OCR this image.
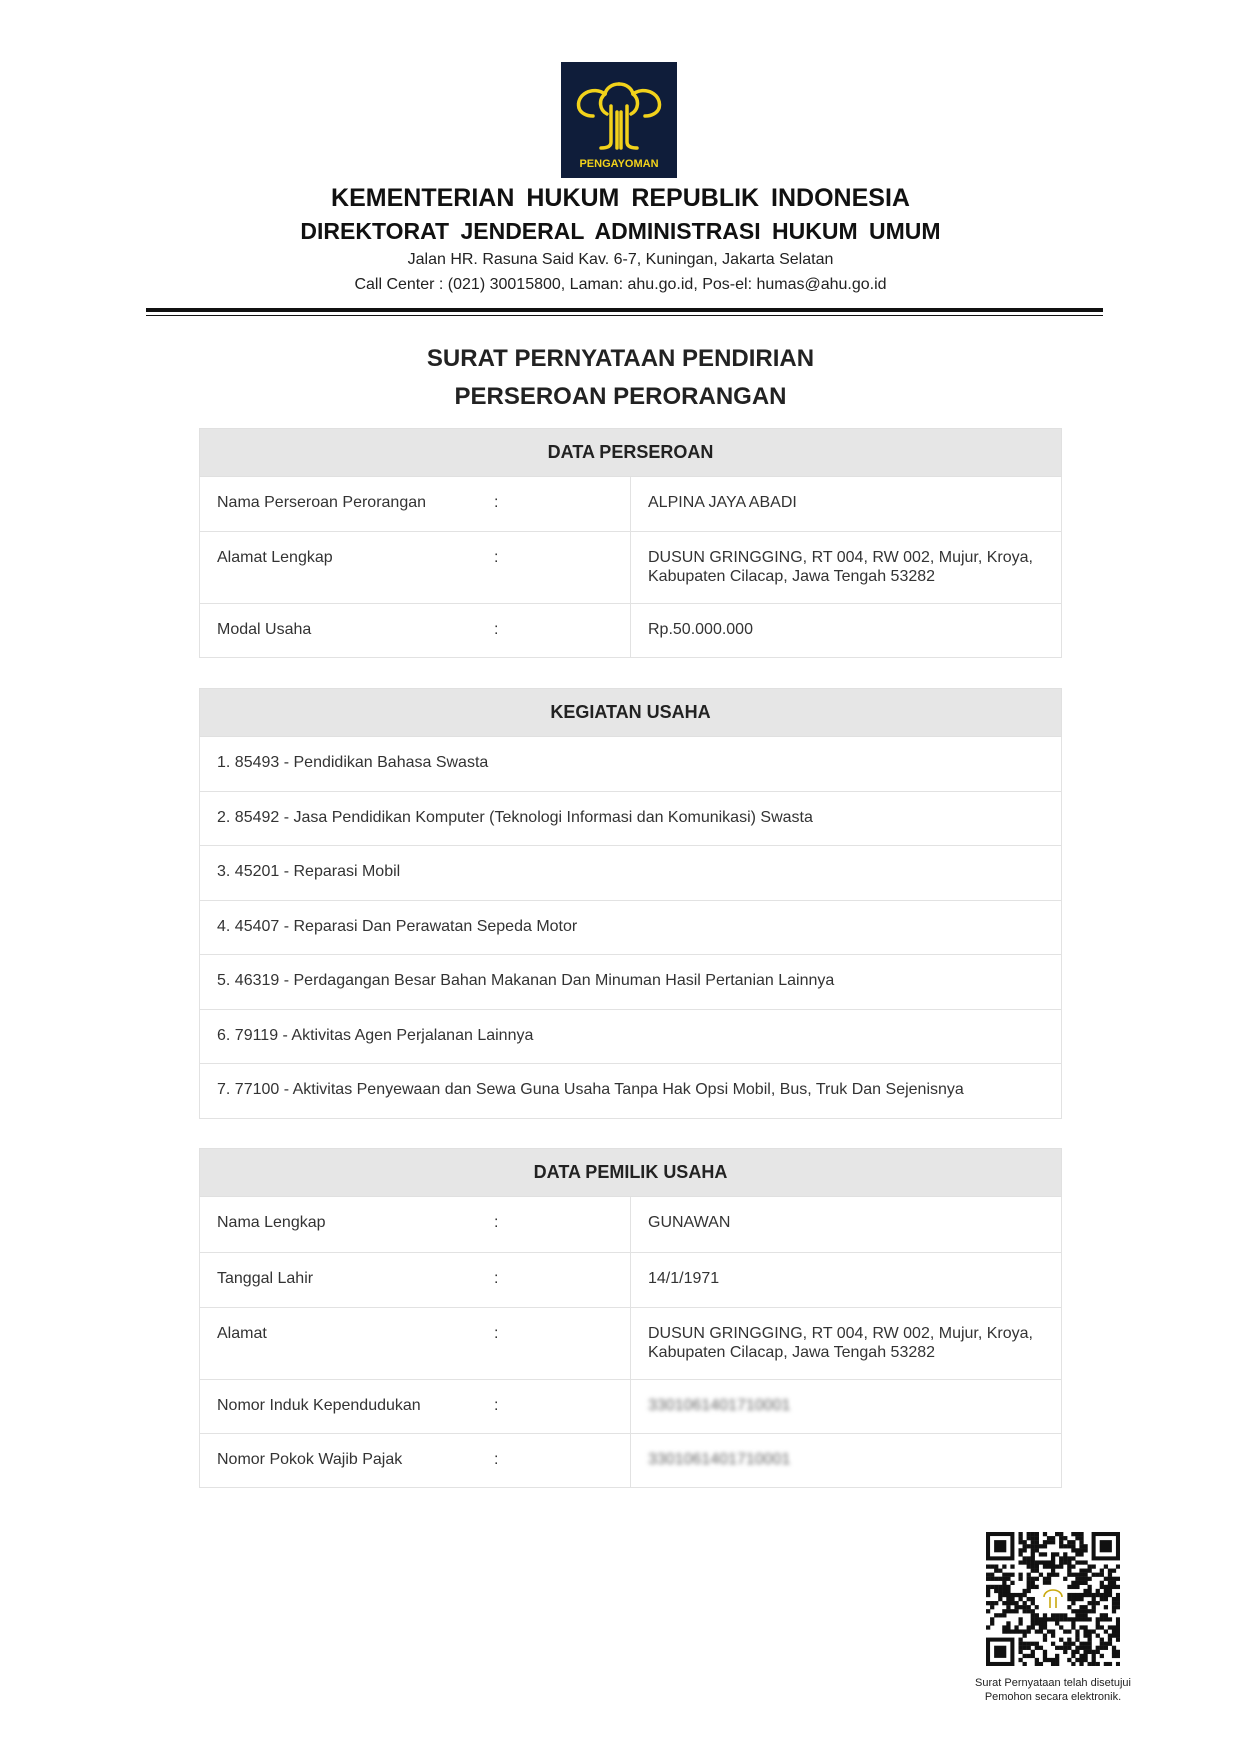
PENGAYOMAN
KEMENTERIAN HUKUM REPUBLIK INDONESIA
DIREKTORAT JENDERAL ADMINISTRASI HUKUM UMUM
Jalan HR. Rasuna Said Kav. 6-7, Kuningan, Jakarta Selatan
Call Center : (021) 30015800, Laman: ahu.go.id, Pos-el: humas@ahu.go.id
SURAT PERNYATAAN PENDIRIAN
PERSEROAN PERORANGAN
DATA PERSEROAN	
Nama Perseroan Perorangan :	ALPINA JAYA ABADI
Alamat Lengkap :	DUSUN GRINGGING, RT 004, RW 002, Mujur, Kroya, Kabupaten Cilacap, Jawa Tengah 53282
Modal Usaha :	Rp.50.000.000
KEGIATAN USAHA
1. 85493 - Pendidikan Bahasa Swasta
2. 85492 - Jasa Pendidikan Komputer (Teknologi Informasi dan Komunikasi) Swasta
3. 45201 - Reparasi Mobil
4. 45407 - Reparasi Dan Perawatan Sepeda Motor
5. 46319 - Perdagangan Besar Bahan Makanan Dan Minuman Hasil Pertanian Lainnya
6. 79119 - Aktivitas Agen Perjalanan Lainnya
7. 77100 - Aktivitas Penyewaan dan Sewa Guna Usaha Tanpa Hak Opsi Mobil, Bus, Truk Dan Sejenisnya
DATA PEMILIK USAHA	
Nama Lengkap :	GUNAWAN
Tanggal Lahir :	14/1/1971
Alamat :	DUSUN GRINGGING, RT 004, RW 002, Mujur, Kroya, Kabupaten Cilacap, Jawa Tengah 53282
Nomor Induk Kependudukan :	3301061401710001
Nomor Pokok Wajib Pajak :	3301061401710001
Surat Pernyataan telah disetujui
Pemohon secara elektronik.
